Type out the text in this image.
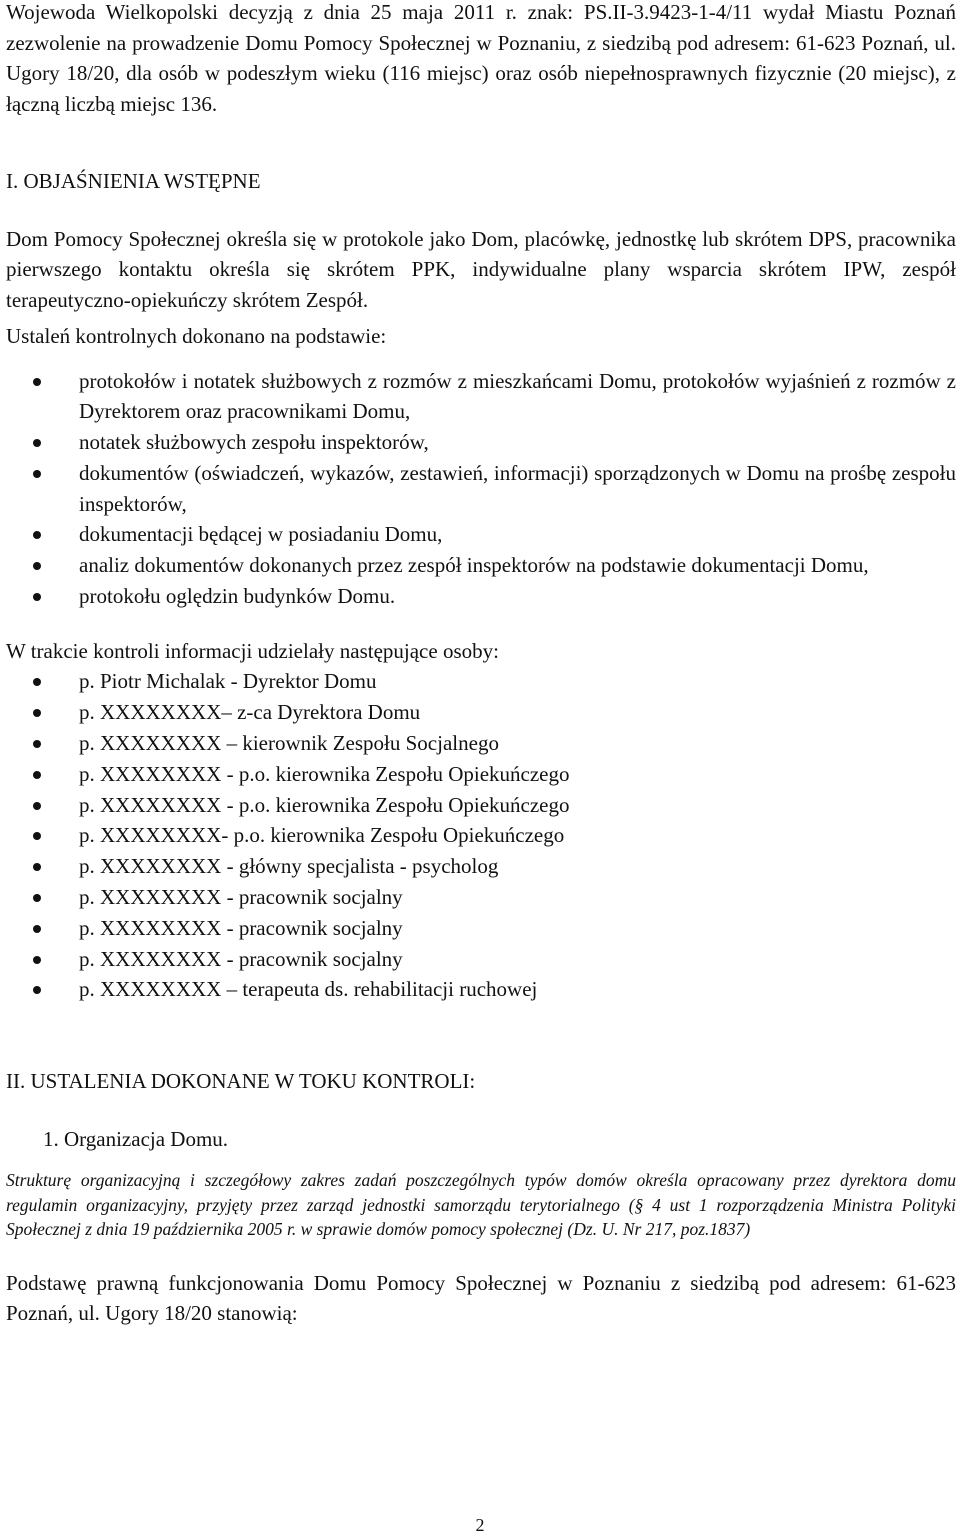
Wojewoda Wielkopolski decyzją z dnia 25 maja 2011 r. znak: PS.II-3.9423-1-4/11 wydał Miastu Poznań zezwolenie na prowadzenie Domu Pomocy Społecznej w Poznaniu, z siedzibą pod adresem: 61-623 Poznań, ul. Ugory 18/20, dla osób w podeszłym wieku (116 miejsc) oraz osób niepełnosprawnych fizycznie (20 miejsc), z łączną liczbą miejsc 136.

I. OBJAŚNIENIA WSTĘPNE

Dom Pomocy Społecznej określa się w protokole jako Dom, placówkę, jednostkę lub skrótem DPS, pracownika pierwszego kontaktu określa się skrótem PPK, indywidualne plany wsparcia skrótem IPW, zespół terapeutyczno-opiekuńczy skrótem Zespół.

Ustaleń kontrolnych dokonano na podstawie:

protokołów i notatek służbowych z rozmów z mieszkańcami Domu, protokołów wyjaśnień z rozmów z Dyrektorem oraz pracownikami Domu,
notatek służbowych zespołu inspektorów,
dokumentów (oświadczeń, wykazów, zestawień, informacji) sporządzonych w Domu na prośbę zespołu inspektorów,
dokumentacji będącej w posiadaniu Domu,
analiz dokumentów dokonanych przez zespół inspektorów na podstawie dokumentacji Domu,
protokołu oględzin budynków Domu.

W trakcie kontroli informacji udzielały następujące osoby:

p. Piotr Michalak - Dyrektor Domu
p. XXXXXXXX– z-ca Dyrektora Domu
p. XXXXXXXX – kierownik Zespołu Socjalnego
p. XXXXXXXX - p.o. kierownika Zespołu Opiekuńczego
p. XXXXXXXX - p.o. kierownika Zespołu Opiekuńczego
p. XXXXXXXX- p.o. kierownika Zespołu Opiekuńczego
p. XXXXXXXX - główny specjalista - psycholog
p. XXXXXXXX - pracownik socjalny
p. XXXXXXXX - pracownik socjalny
p. XXXXXXXX - pracownik socjalny
p. XXXXXXXX – terapeuta ds. rehabilitacji ruchowej

II. USTALENIA DOKONANE W TOKU KONTROLI:

1. Organizacja Domu.

Strukturę organizacyjną i szczegółowy zakres zadań poszczególnych typów domów określa opracowany przez dyrektora domu regulamin organizacyjny, przyjęty przez zarząd jednostki samorządu terytorialnego (§ 4 ust 1 rozporządzenia Ministra Polityki Społecznej z dnia 19 października 2005 r. w sprawie domów pomocy społecznej (Dz. U. Nr 217, poz.1837)

Podstawę prawną funkcjonowania Domu Pomocy Społecznej w Poznaniu z siedzibą pod adresem: 61-623 Poznań, ul. Ugory 18/20 stanowią:

2
